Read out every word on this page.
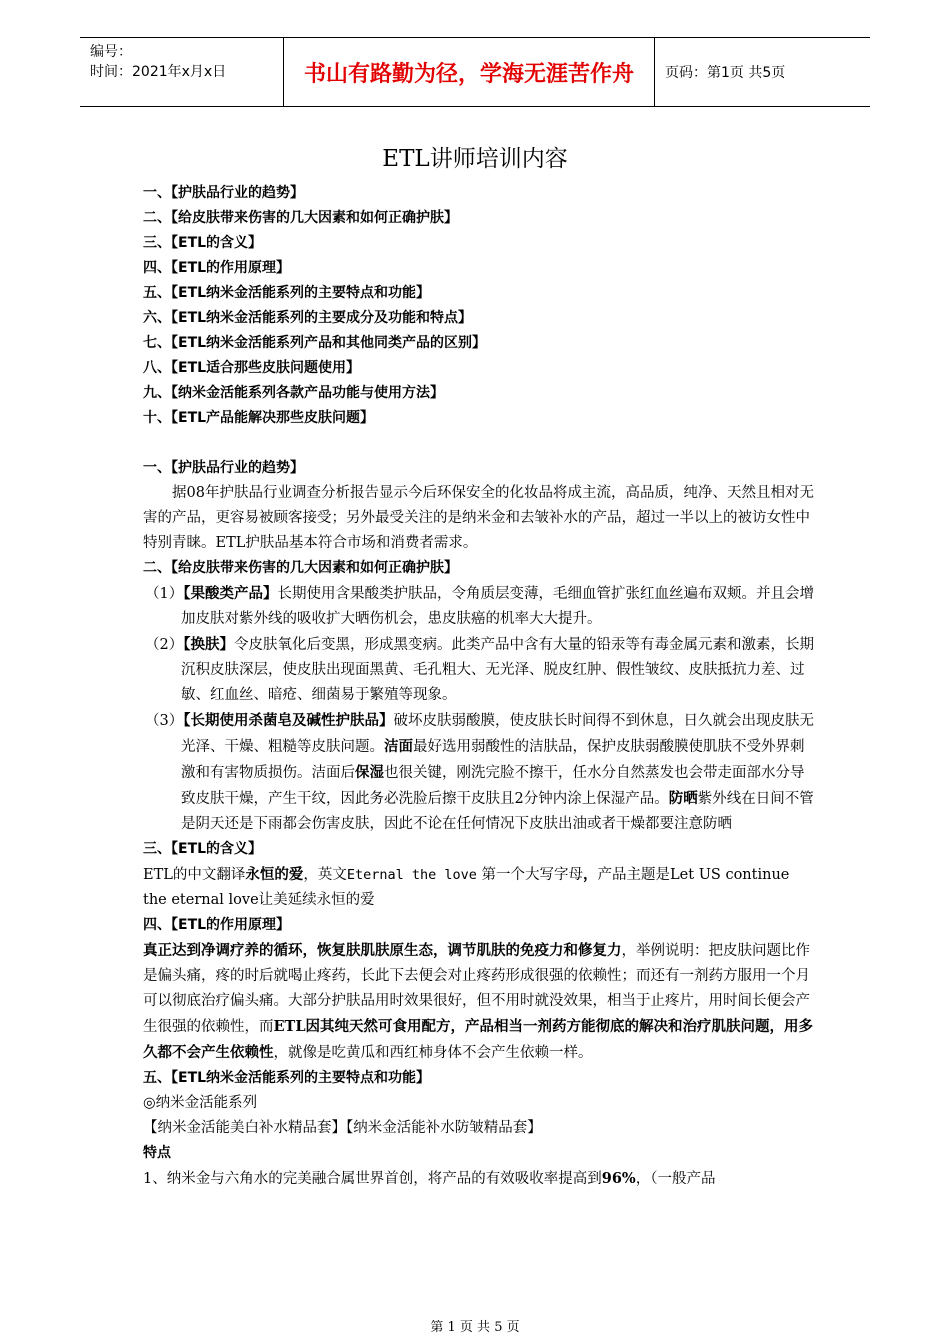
编号：
时间：2021年x月x日	书山有路勤为径，学海无涯苦作舟	页码：第1页 共5页
ETL讲师培训内容

一、【护肤品行业的趋势】

二、【给皮肤带来伤害的几大因素和如何正确护肤】

三、【ETL的含义】

四、【ETL的作用原理】

五、【ETL纳米金活能系列的主要特点和功能】

六、【ETL纳米金活能系列的主要成分及功能和特点】

七、【ETL纳米金活能系列产品和其他同类产品的区别】

八、【ETL适合那些皮肤问题使用】

九、【纳米金活能系列各款产品功能与使用方法】

十、【ETL产品能解决那些皮肤问题】

一、【护肤品行业的趋势】

据08年护肤品行业调查分析报告显示今后环保安全的化妆品将成主流，高品质，纯净、天然且相对无害的产品，更容易被顾客接受；另外最受关注的是纳米金和去皱补水的产品，超过一半以上的被访女性中特别青睐。ETL护肤品基本符合市场和消费者需求。

二、【给皮肤带来伤害的几大因素和如何正确护肤】

（1）【果酸类产品】长期使用含果酸类护肤品，令角质层变薄，毛细血管扩张红血丝遍布双颊。并且会增加皮肤对紫外线的吸收扩大晒伤机会，患皮肤癌的机率大大提升。

（2）【换肤】令皮肤氧化后变黑，形成黑变病。此类产品中含有大量的铅汞等有毒金属元素和激素，长期沉积皮肤深层，使皮肤出现面黑黄、毛孔粗大、无光泽、脱皮红肿、假性皱纹、皮肤抵抗力差、过敏、红血丝、暗疮、细菌易于繁殖等现象。

（3）【长期使用杀菌皂及碱性护肤品】破坏皮肤弱酸膜，使皮肤长时间得不到休息，日久就会出现皮肤无光泽、干燥、粗糙等皮肤问题。洁面最好选用弱酸性的洁肤品，保护皮肤弱酸膜使肌肤不受外界刺激和有害物质损伤。洁面后保湿也很关键，刚洗完脸不擦干，任水分自然蒸发也会带走面部水分导致皮肤干燥，产生干纹，因此务必洗脸后擦干皮肤且2分钟内涂上保湿产品。防晒紫外线在日间不管是阴天还是下雨都会伤害皮肤，因此不论在任何情况下皮肤出油或者干燥都要注意防晒

三、【ETL的含义】

ETL的中文翻译永恒的爱，英文Eternal the love 第一个大写字母，产品主题是Let US continue the eternal love让美延续永恒的爱

四、【ETL的作用原理】

真正达到净调疗养的循环，恢复肤肌肤原生态，调节肌肤的免疫力和修复力，举例说明：把皮肤问题比作是偏头痛，疼的时后就喝止疼药，长此下去便会对止疼药形成很强的依赖性；而还有一剂药方服用一个月可以彻底治疗偏头痛。大部分护肤品用时效果很好，但不用时就没效果，相当于止疼片，用时间长便会产生很强的依赖性，而ETL因其纯天然可食用配方，产品相当一剂药方能彻底的解决和治疗肌肤问题，用多久都不会产生依赖性，就像是吃黄瓜和西红柿身体不会产生依赖一样。

五、【ETL纳米金活能系列的主要特点和功能】

◎纳米金活能系列

【纳米金活能美白补水精品套】【纳米金活能补水防皱精品套】

特点

1、纳米金与六角水的完美融合属世界首创，将产品的有效吸收率提高到96%，（一般产品

第 1 页 共 5 页
